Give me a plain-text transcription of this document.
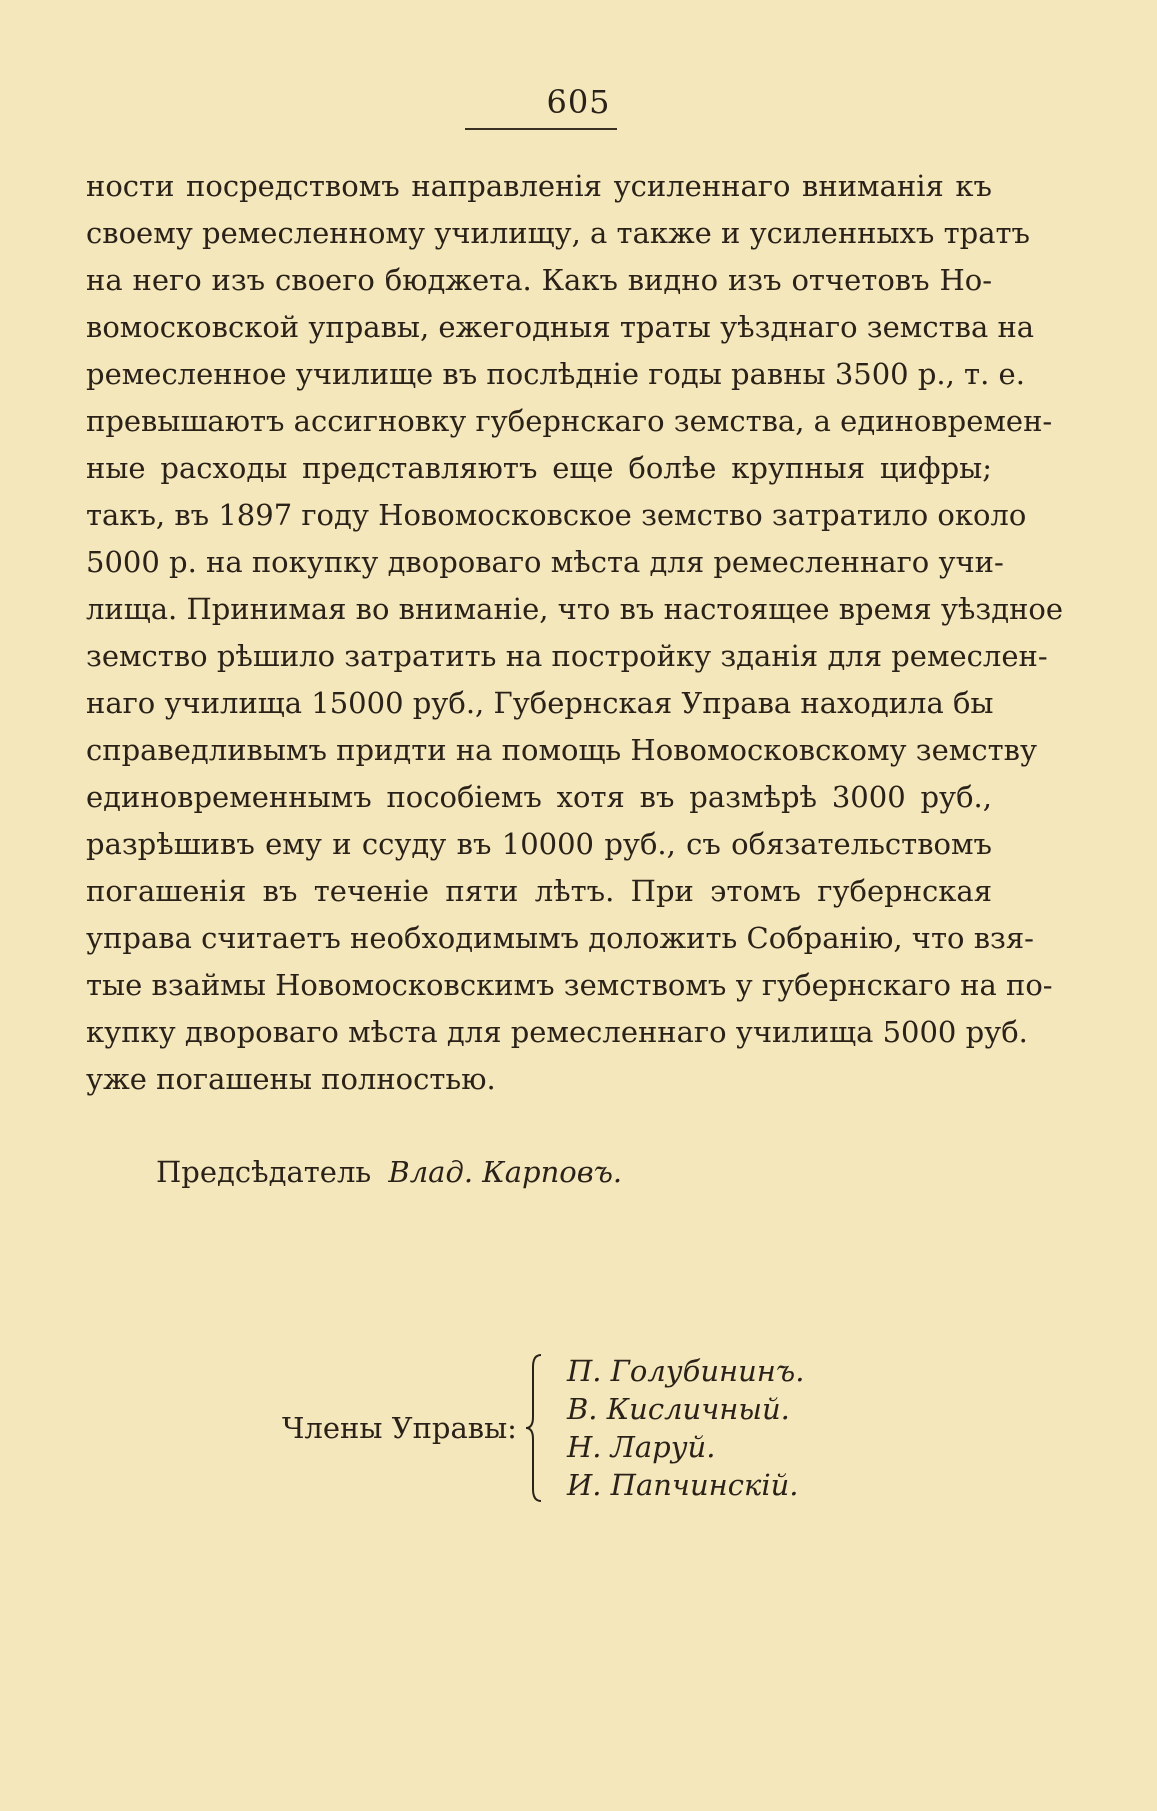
605
ности посредствомъ направленія усиленнаго вниманія къ
своему ремесленному училищу, а также и усиленныхъ тратъ
на него изъ своего бюджета. Какъ видно изъ отчетовъ Но-
вомосковской управы, ежегодныя траты уѣзднаго земства на
ремесленное училище въ послѣдніе годы равны 3500 р., т. е.
превышаютъ ассигновку губернскаго земства, а единовремен-
ные расходы представляютъ еще болѣе крупныя цифры;
такъ, въ 1897 году Новомосковское земство затратило около
5000 р. на покупку двороваго мѣста для ремесленнаго учи-
лища. Принимая во вниманіе, что въ настоящее время уѣздное
земство рѣшило затратить на постройку зданія для ремеслен-
наго училища 15000 руб., Губернская Управа находила бы
справедливымъ придти на помощь Новомосковскому земству
единовременнымъ пособіемъ хотя въ размѣрѣ 3000 руб.,
разрѣшивъ ему и ссуду въ 10000 руб., съ обязательствомъ
погашенія въ теченіе пяти лѣтъ. При этомъ губернская
управа считаетъ необходимымъ доложить Собранію, что взя-
тые взаймы Новомосковскимъ земствомъ у губернскаго на по-
купку двороваго мѣста для ремесленнаго училища 5000 руб.
уже погашены полностью.
Предсѣдатель Влад. Карповъ.
Члены Управы:
П. Голубининъ.
В. Кисличный.
Н. Ларуй.
И. Папчинскій.
